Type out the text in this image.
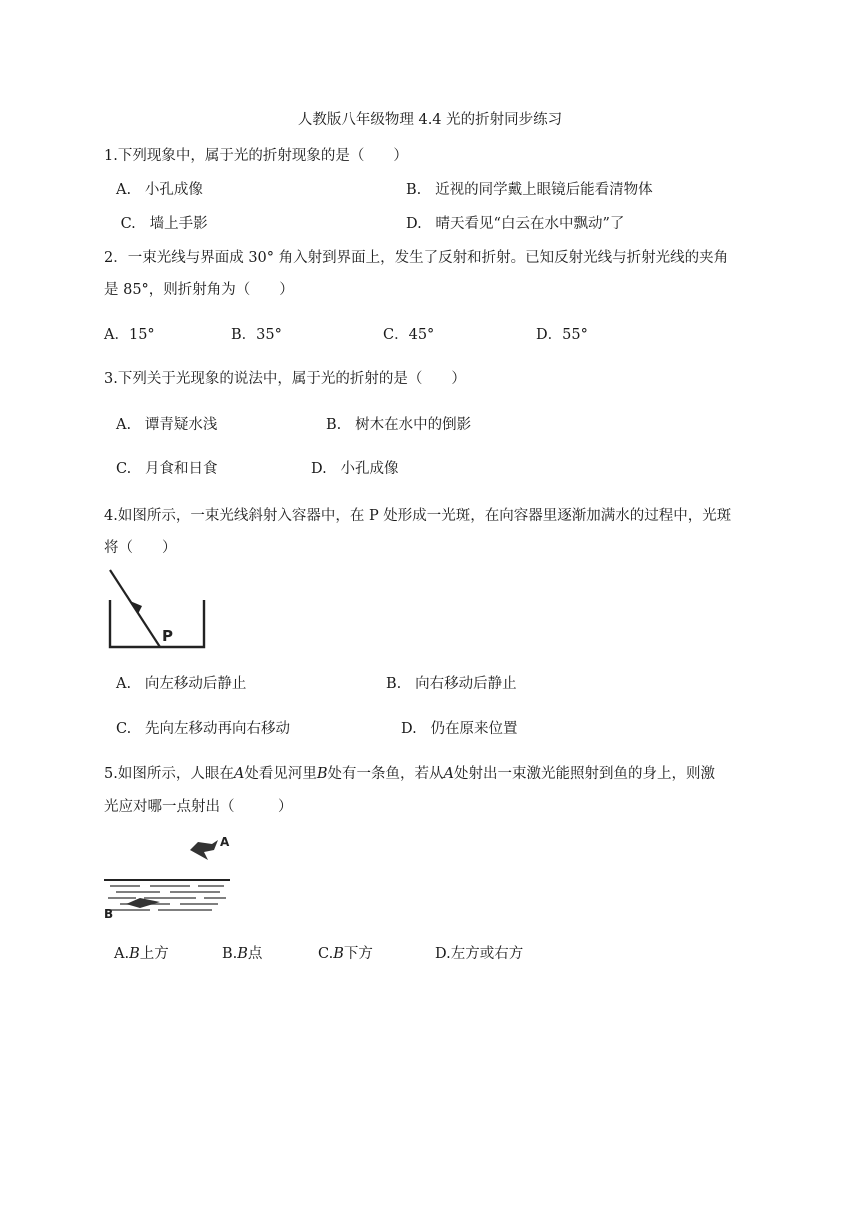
人教版八年级物理 4.4 光的折射同步练习
1.下列现象中，属于光的折射现象的是（　　）
A. 小孔成像	B. 近视的同学戴上眼镜后能看清物体
C. 墙上手影	D. 晴天看见“白云在水中飘动”了
2．一束光线与界面成 30° 角入射到界面上，发生了反射和折射。已知反射光线与折射光线的夹角
是 85°，则折射角为（　　）
A．15°	B．35°	C．45°	D．55°
3.下列关于光现象的说法中，属于光的折射的是（　　）
A. 谭青疑水浅	B. 树木在水中的倒影
C. 月食和日食	D. 小孔成像
4.如图所示，一束光线斜射入容器中，在 P 处形成一光斑，在向容器里逐渐加满水的过程中，光斑
将（　　）
P
A. 向左移动后静止	B. 向右移动后静止
C. 先向左移动再向右移动	D. 仍在原来位置
5.如图所示，人眼在A处看见河里B处有一条鱼，若从A处射出一束激光能照射到鱼的身上，则激
光应对哪一点射出（　　　）
A
B
A.B上方	B.B点	C.B下方	D.左方或右方
